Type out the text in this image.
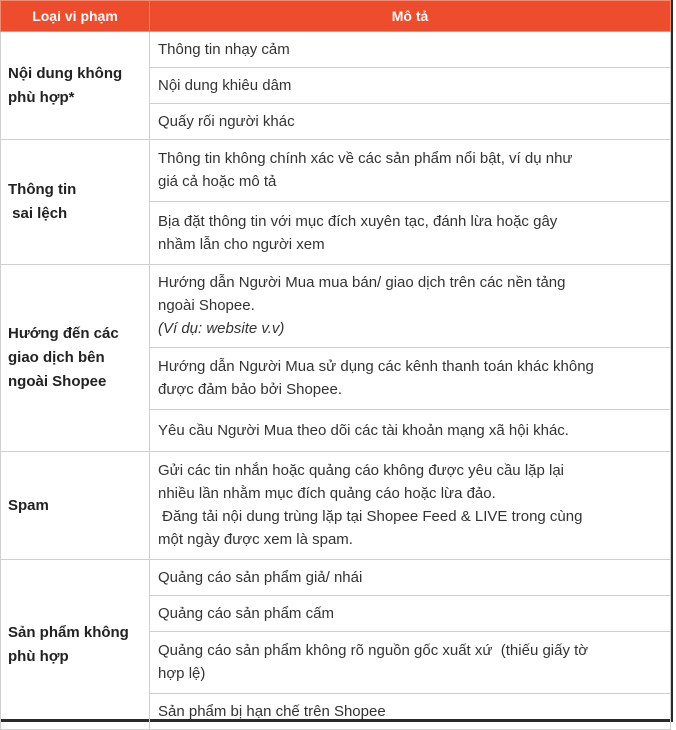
Loại vi phạm	Mô tả

Nội dung không
phù hợp*	Thông tin nhạy cảm

	Nội dung khiêu dâm

	Quấy rối người khác

Thông tin
sai lệch	Thông tin không chính xác về các sản phẩm nổi bật, ví dụ như
giá cả hoặc mô tả

	Bịa đặt thông tin với mục đích xuyên tạc, đánh lừa hoặc gây
nhầm lẫn cho người xem

Hướng đến các
giao dịch bên
ngoài Shopee	Hướng dẫn Người Mua mua bán/ giao dịch trên các nền tảng
ngoài Shopee.
(Ví dụ: website v.v)

	Hướng dẫn Người Mua sử dụng các kênh thanh toán khác không
được đảm bảo bởi Shopee.

	Yêu cầu Người Mua theo dõi các tài khoản mạng xã hội khác.

Spam	Gửi các tin nhắn hoặc quảng cáo không được yêu cầu lặp lại
nhiều lần nhằm mục đích quảng cáo hoặc lừa đảo.
Đăng tải nội dung trùng lặp tại Shopee Feed & LIVE trong cùng
một ngày được xem là spam.

Sản phẩm không
phù hợp	Quảng cáo sản phẩm giả/ nhái

	Quảng cáo sản phẩm cấm

	Quảng cáo sản phẩm không rõ nguồn gốc xuất xứ  (thiếu giấy tờ
hợp lệ)

	Sản phẩm bị hạn chế trên Shopee
